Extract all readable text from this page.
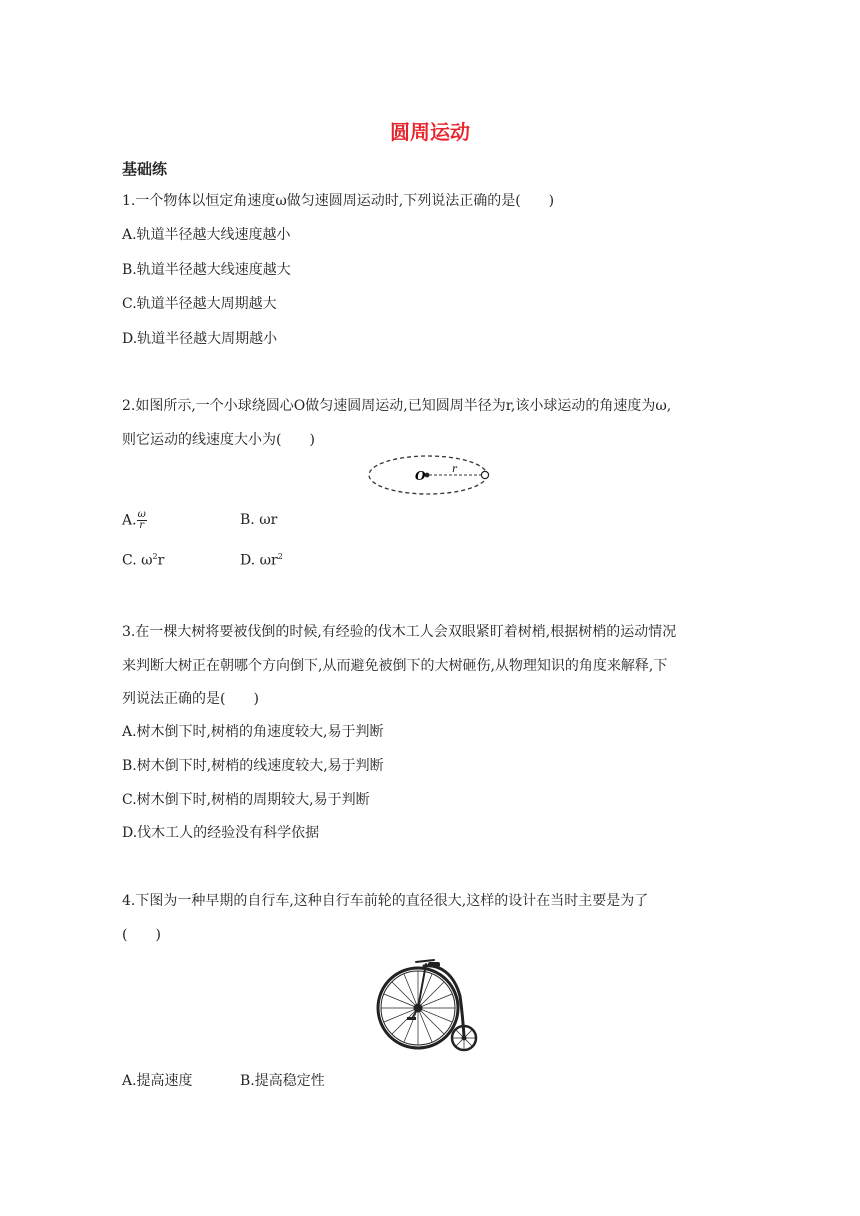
圆周运动
基础练
1.一个物体以恒定角速度ω做匀速圆周运动时,下列说法正确的是(　　)
A.轨道半径越大线速度越小
B.轨道半径越大线速度越大
C.轨道半径越大周期越大
D.轨道半径越大周期越小
2.如图所示,一个小球绕圆心O做匀速圆周运动,已知圆周半径为r,该小球运动的角速度为ω,
则它运动的线速度大小为(　　)
O	r
A. $\frac{\omega}{r}$	B. ωr
C. $\omega^2r$	D. $\omega r^2$
3.在一棵大树将要被伐倒的时候,有经验的伐木工人会双眼紧盯着树梢,根据树梢的运动情况
来判断大树正在朝哪个方向倒下,从而避免被倒下的大树砸伤,从物理知识的角度来解释,下
列说法正确的是(　　)
A.树木倒下时,树梢的角速度较大,易于判断
B.树木倒下时,树梢的线速度较大,易于判断
C.树木倒下时,树梢的周期较大,易于判断
D.伐木工人的经验没有科学依据
4.下图为一种早期的自行车,这种自行车前轮的直径很大,这样的设计在当时主要是为了
(　　)
A.提高速度	B.提高稳定性
